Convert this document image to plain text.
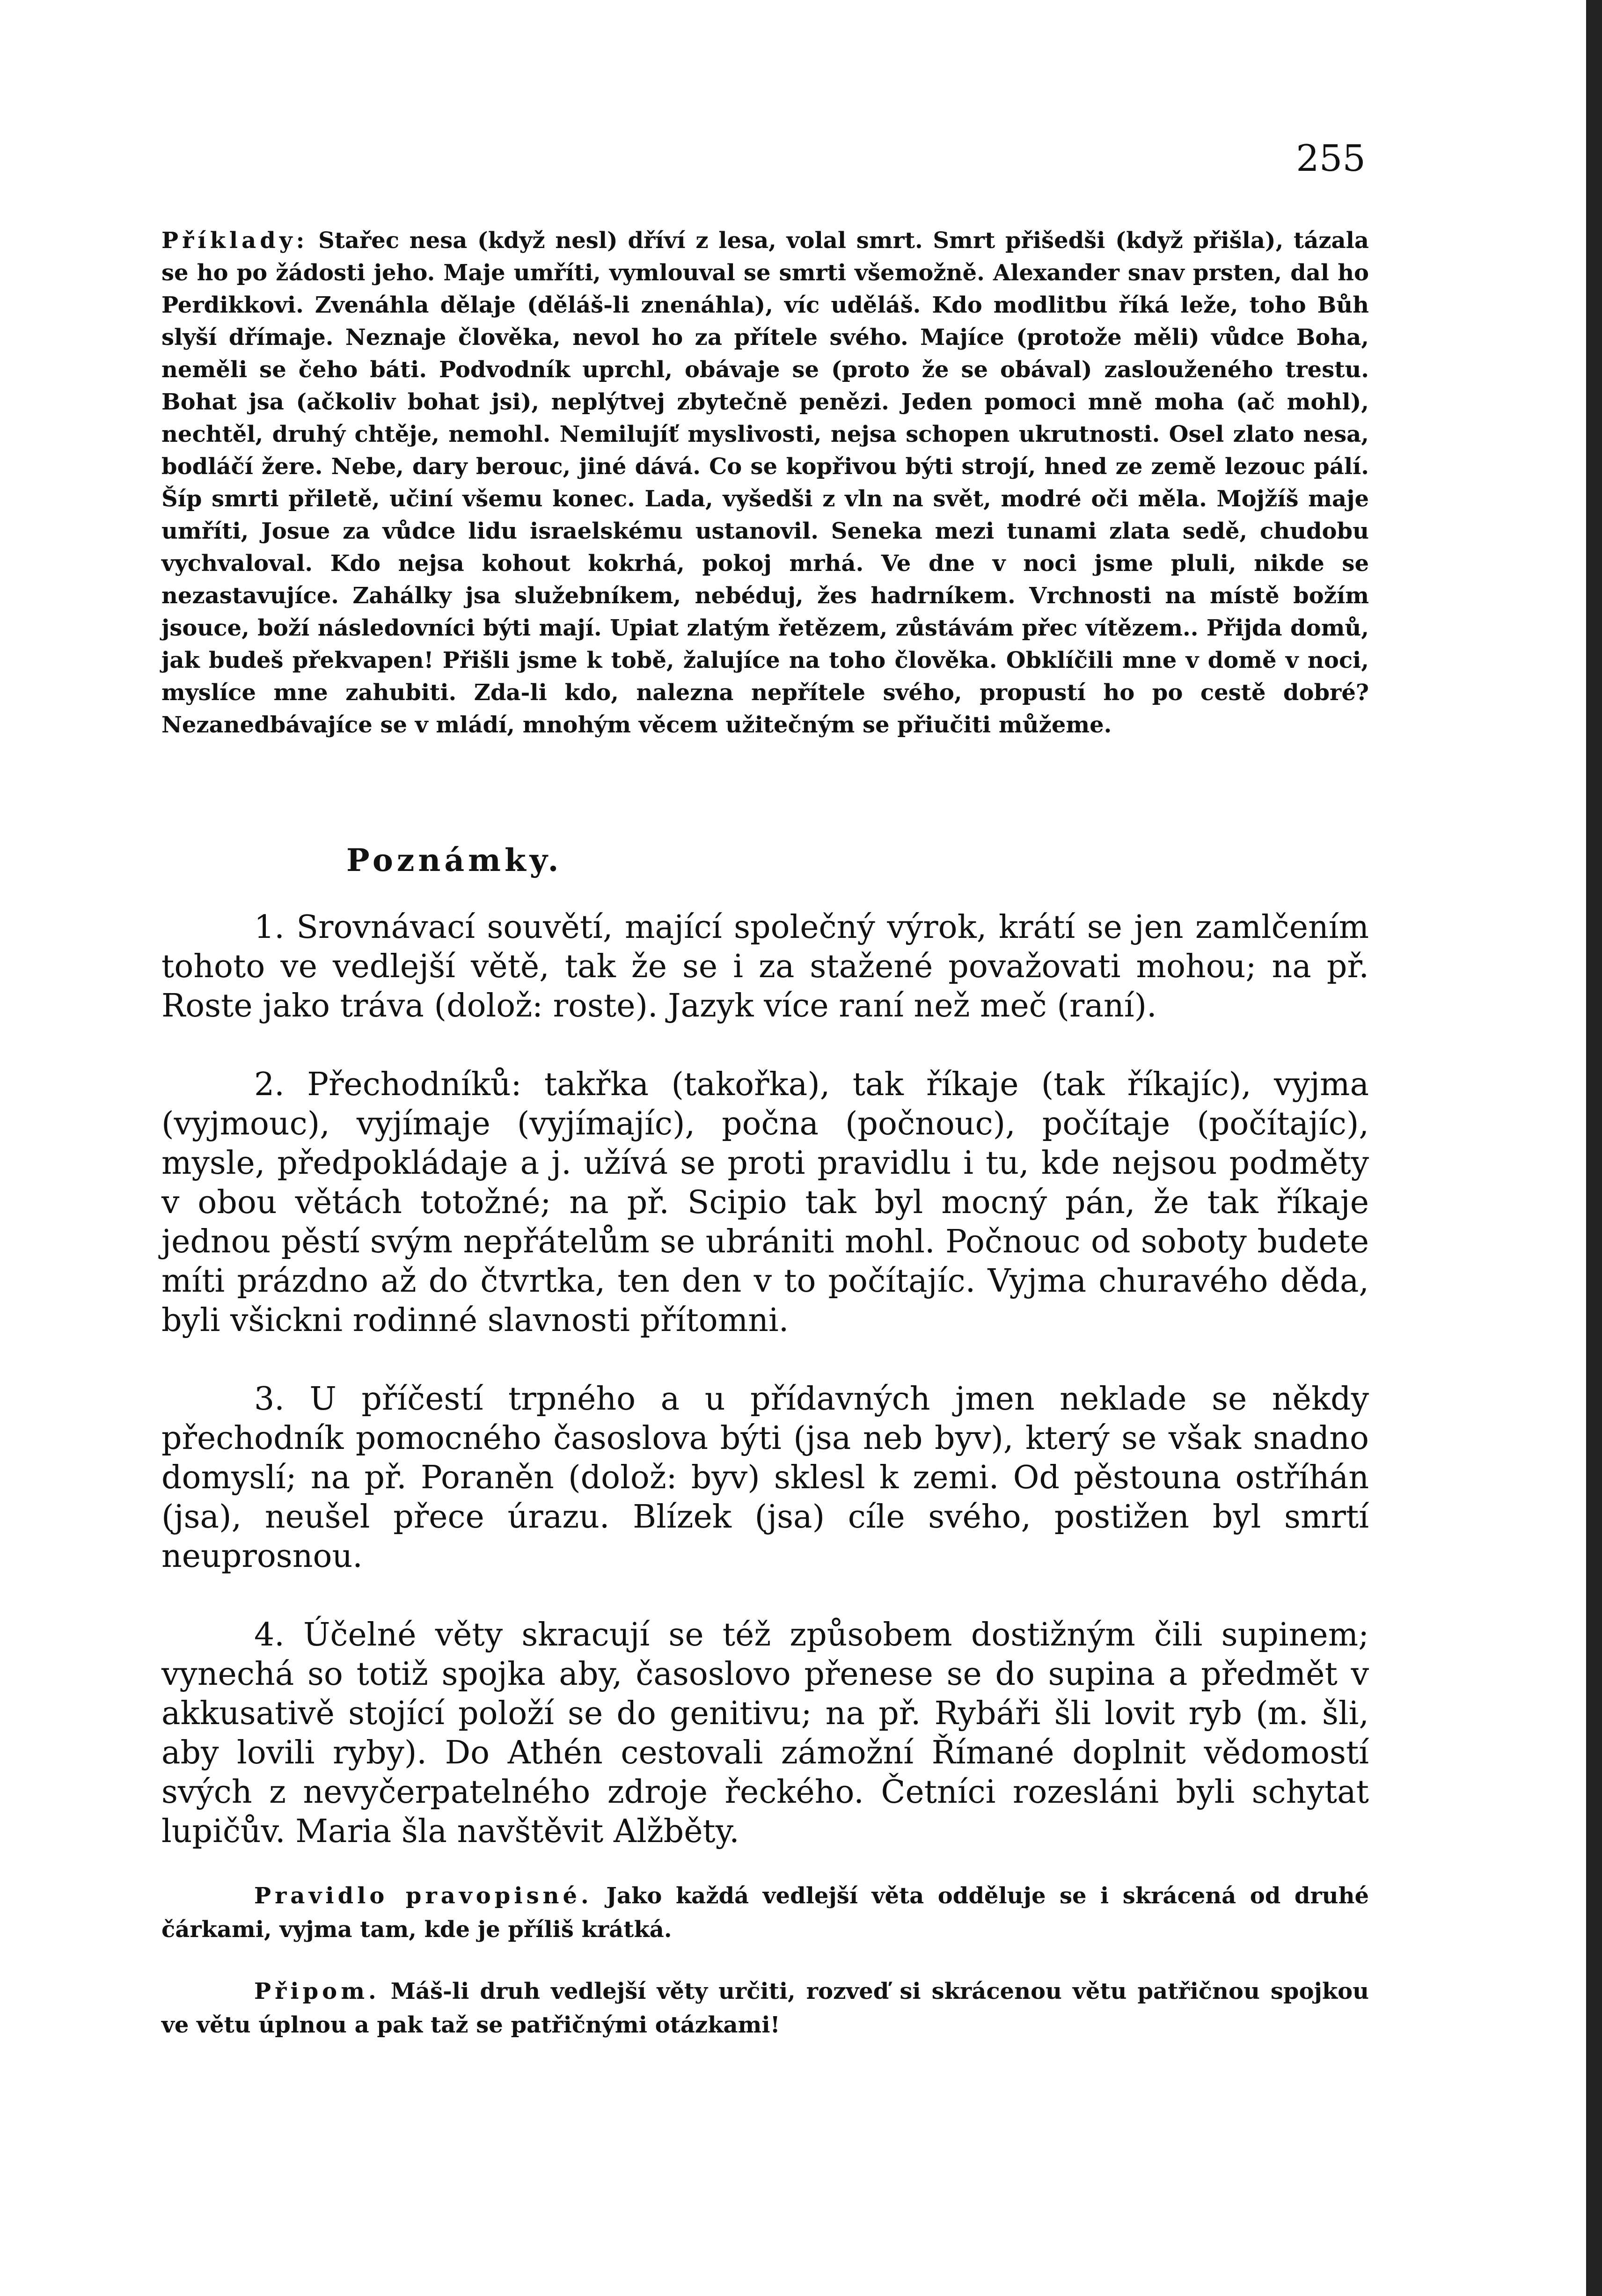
255
Příklady: Stařec nesa (když nesl) dříví z lesa, volal smrt. Smrt přišedši (když přišla), tázala se ho po žádosti jeho. Maje umříti, vymlouval se smrti všemožně. Alexander snav prsten, dal ho Perdikkovi. Zvenáhla dělaje (děláš-li znenáhla), víc uděláš. Kdo modlitbu říká leže, toho Bůh slyší dřímaje. Neznaje člověka, nevol ho za přítele svého. Majíce (protože měli) vůdce Boha, neměli se čeho báti. Podvodník uprchl, obávaje se (proto že se obával) zaslouženého trestu. Bohat jsa (ačkoliv bohat jsi), neplýtvej zbytečně penězi. Jeden pomoci mně moha (ač mohl), nechtěl, druhý chtěje, nemohl. Nemilujíť myslivosti, nejsa schopen ukrutnosti. Osel zlato nesa, bodláčí žere. Nebe, dary berouc, jiné dává. Co se kopřivou býti strojí, hned ze země lezouc pálí. Šíp smrti přiletě, učiní všemu konec. Lada, vyšedši z vln na svět, modré oči měla. Mojžíš maje umříti, Josue za vůdce lidu israelskému ustanovil. Seneka mezi tunami zlata sedě, chudobu vychvaloval. Kdo nejsa kohout kokrhá, pokoj mrhá. Ve dne v noci jsme pluli, nikde se nezastavujíce. Zahálky jsa služebníkem, nebéduj, žes hadrníkem. Vrchnosti na místě božím jsouce, boží následovníci býti mají. Upiat zlatým řetězem, zůstávám přec vítězem.. Přijda domů, jak budeš překvapen! Přišli jsme k tobě, žalujíce na toho člověka. Obklíčili mne v domě v noci, myslíce mne zahubiti. Zda-li kdo, nalezna nepřítele svého, propustí ho po cestě dobré? Nezanedbávajíce se v mládí, mnohým věcem užitečným se přiučiti můžeme.
Poznámky.

1. Srovnávací souvětí, mající společný výrok, krátí se jen zamlčením tohoto ve vedlejší větě, tak že se i za stažené považovati mohou; na př. Roste jako tráva (dolož: roste). Jazyk více raní než meč (raní).

2. Přechodníků: takřka (takořka), tak říkaje (tak říkajíc), vyjma (vyjmouc), vyjímaje (vyjímajíc), počna (počnouc), počítaje (počítajíc), mysle, předpokládaje a j. užívá se proti pravidlu i tu, kde nejsou podměty v obou větách totožné; na př. Scipio tak byl mocný pán, že tak říkaje jednou pěstí svým nepřátelům se ubrániti mohl. Počnouc od soboty budete míti prázdno až do čtvrtka, ten den v to počítajíc. Vyjma churavého děda, byli všickni rodinné slavnosti přítomni.

3. U příčestí trpného a u přídavných jmen neklade se někdy přechodník pomocného časoslova býti (jsa neb byv), který se však snadno domyslí; na př. Poraněn (dolož: byv) sklesl k zemi. Od pěstouna ostříhán (jsa), neušel přece úrazu. Blízek (jsa) cíle svého, postižen byl smrtí neuprosnou.

4. Účelné věty skracují se též způsobem dostižným čili supinem; vynechá so totiž spojka aby, časoslovo přenese se do supina a předmět v akkusativě stojící položí se do genitivu; na př. Rybáři šli lovit ryb (m. šli, aby lovili ryby). Do Athén cestovali zámožní Římané doplnit vědomostí svých z nevyčerpatelného zdroje řeckého. Četníci rozesláni byli schytat lupičův. Maria šla navštěvit Alžběty.

Pravidlo pravopisné. Jako každá vedlejší věta odděluje se i skrácená od druhé čárkami, vyjma tam, kde je příliš krátká.

Připom. Máš-li druh vedlejší věty určiti, rozveď si skrácenou větu patřičnou spojkou ve větu úplnou a pak taž se patřičnými otázkami!
